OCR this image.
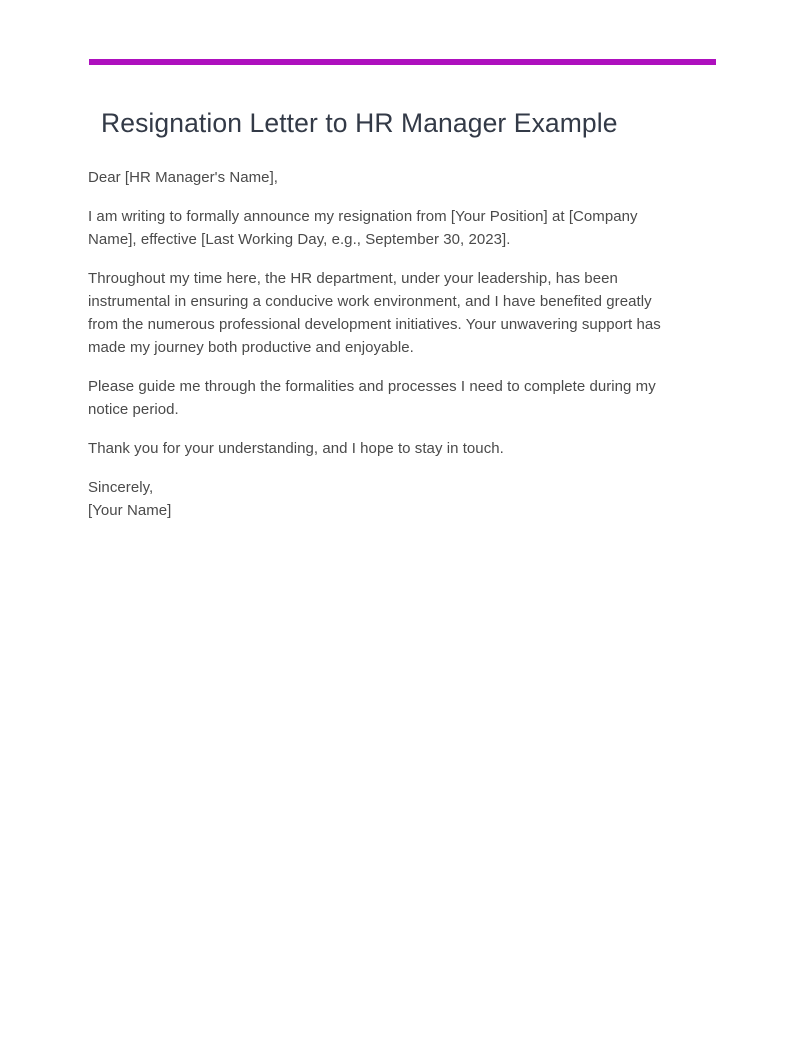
Resignation Letter to HR Manager Example

Dear [HR Manager's Name],

I am writing to formally announce my resignation from [Your Position] at [Company Name], effective [Last Working Day, e.g., September 30, 2023].

Throughout my time here, the HR department, under your leadership, has been instrumental in ensuring a conducive work environment, and I have benefited greatly from the numerous professional development initiatives. Your unwavering support has made my journey both productive and enjoyable.

Please guide me through the formalities and processes I need to complete during my notice period.

Thank you for your understanding, and I hope to stay in touch.

Sincerely,
[Your Name]
